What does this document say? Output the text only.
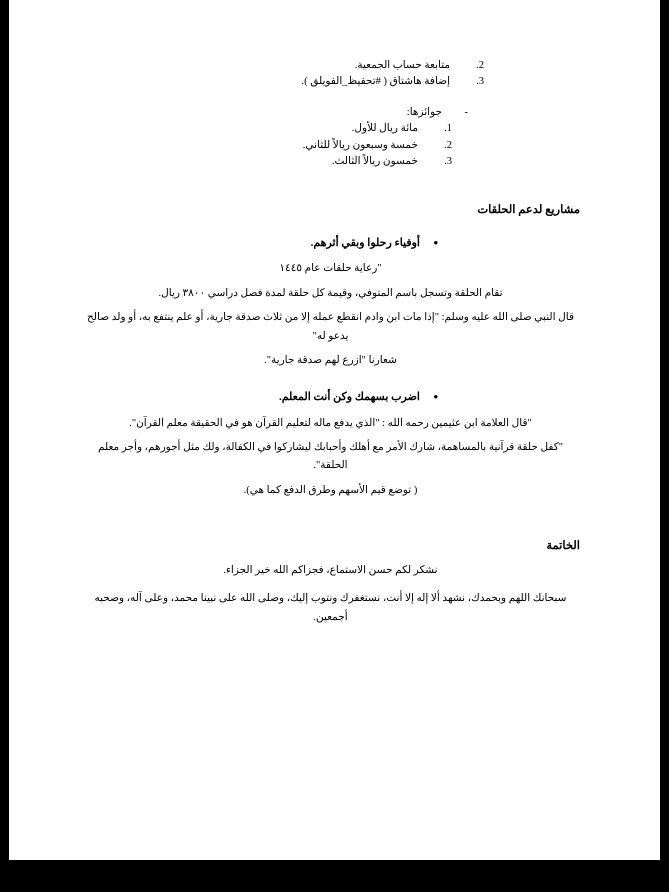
2.
متابعة حساب الجمعية.
3.
إضافة هاشتاق ( #تحفيظ_الفويلق ).
-
جوائزها:
1.
مائة ريال للأول.
2.
خمسة وسبعون ريالاً للثاني.
3.
خمسون ريالاً الثالث.
مشاريع لدعم الحلقات
•
أوفياء رحلوا وبقي أثرهم.

"رعاية حلقات عام ١٤٤٥

تقام الحلقة وتسجل باسم المتوفي، وقيمة كل حلقة لمدة فصل دراسي ٣٨٠٠ ريال.

قال النبي صلى الله عليه وسلم: "إذا مات ابن وادم انقطع عمله إلا من ثلاث صدقة جارية، أو علم ينتفع به، أو ولد صالح يدعو له"

شعارنا "ازرع لهم صدقة جارية".

•
اضرب بسهمك وكن أنت المعلم.

"قال العلامة ابن عثيمين رحمه الله : "الذي يدفع ماله لتعليم القرآن هو في الحقيقة معلم القرآن".

"كفل حلقة قرآنية بالمساهمة، شارك الأمر مع أهلك وأحبابك ليشاركوا في الكفالة، ولك مثل أجورهم، وأجر معلم الحلقة".

( توضع قيم الأسهم وطرق الدفع كما هي).

الخاتمة

نشكر لكم حسن الاستماع، فجزاكم الله خير الجزاء.

سبحانك اللهم وبحمدك، نشهد ألا إله إلا أنت، نستغفرك ونتوب إليك، وصلى الله على نبينا محمد، وعلى آله، وصحبه أجمعين.
